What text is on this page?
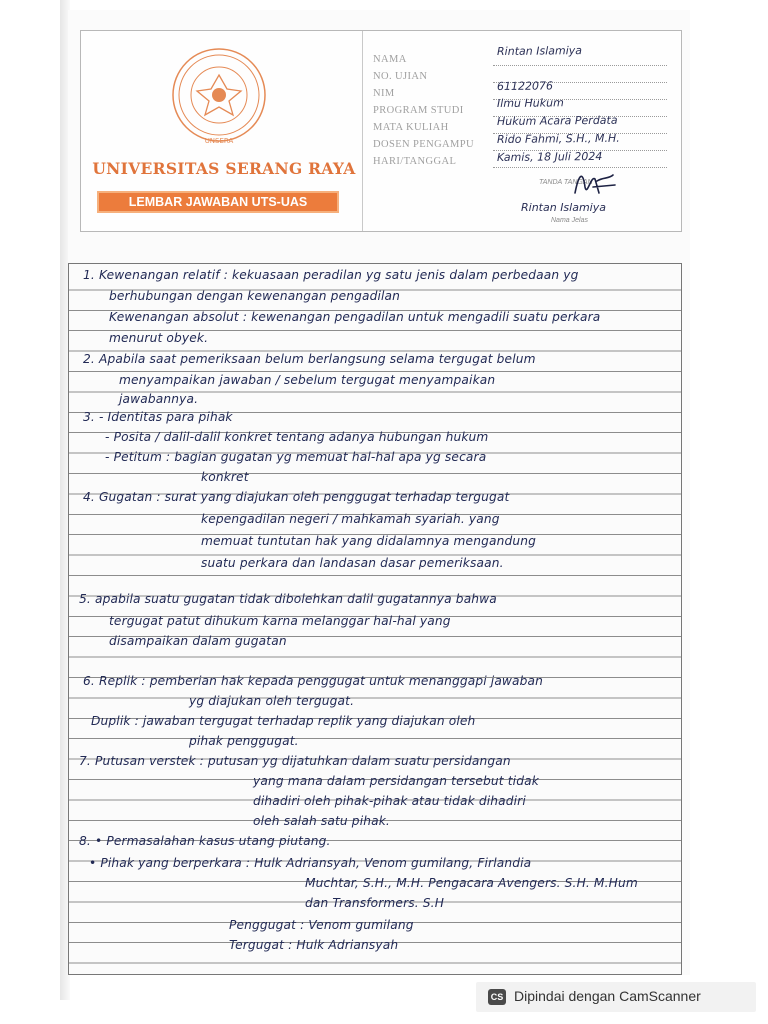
UNSERA
UNIVERSITAS SERANG RAYA
LEMBAR JAWABAN UTS-UAS
NAMA
NO. UJIAN
NIM
PROGRAM STUDI
MATA KULIAH
DOSEN PENGAMPU
HARI/TANGGAL
Rintan Islamiya
61122076
Ilmu Hukum
Hukum Acara Perdata
Rido Fahmi, S.H., M.H.
Kamis, 18 Juli 2024
TANDA TANGAN
Rintan Islamiya
Nama Jelas
1. Kewenangan relatif : kekuasaan peradilan yg satu jenis dalam perbedaan yg
berhubungan dengan kewenangan pengadilan
Kewenangan absolut : kewenangan pengadilan untuk mengadili suatu perkara
menurut obyek.
2. Apabila saat pemeriksaan belum berlangsung selama tergugat belum
menyampaikan jawaban / sebelum tergugat menyampaikan
jawabannya.
3. - Identitas para pihak
- Posita / dalil-dalil konkret tentang adanya hubungan hukum
- Petitum : bagian gugatan yg memuat hal-hal apa yg secara
konkret
4. Gugatan : surat yang diajukan oleh penggugat terhadap tergugat
kepengadilan negeri / mahkamah syariah. yang
memuat tuntutan hak yang didalamnya mengandung
suatu perkara dan landasan dasar pemeriksaan.
5. apabila suatu gugatan tidak dibolehkan dalil gugatannya bahwa
tergugat patut dihukum karna melanggar hal-hal yang
disampaikan dalam gugatan
6. Replik : pemberian hak kepada penggugat untuk menanggapi jawaban
yg diajukan oleh tergugat.
Duplik : jawaban tergugat terhadap replik yang diajukan oleh
pihak penggugat.
7. Putusan verstek : putusan yg dijatuhkan dalam suatu persidangan
yang mana dalam persidangan tersebut tidak
dihadiri oleh pihak-pihak atau tidak dihadiri
oleh salah satu pihak.
8. • Permasalahan kasus utang piutang.
• Pihak yang berperkara : Hulk Adriansyah, Venom gumilang, Firlandia
Muchtar, S.H., M.H. Pengacara Avengers. S.H. M.Hum
dan Transformers. S.H
Penggugat : Venom gumilang
Tergugat : Hulk Adriansyah
CS Dipindai dengan CamScanner
